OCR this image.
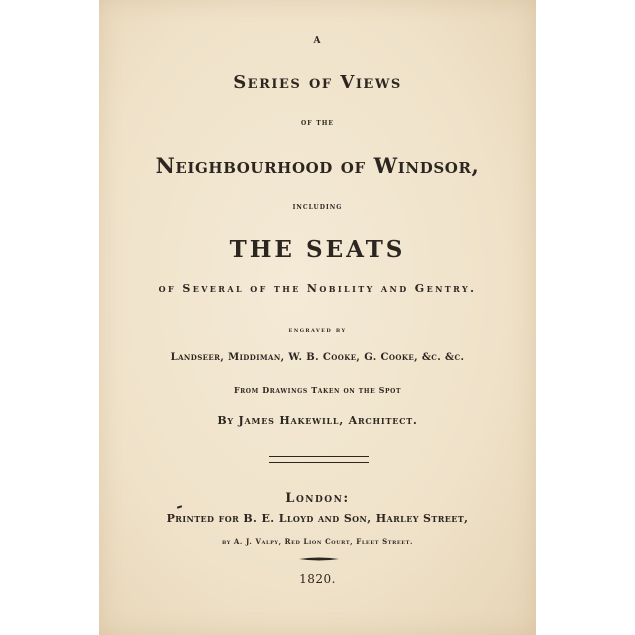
A
Series of Views
of the
Neighbourhood of Windsor,
including
THE SEATS
of Several of the Nobility and Gentry.
engraved by
Landseer, Middiman, W. B. Cooke, G. Cooke, &c. &c.
From Drawings Taken on the Spot
By James Hakewill, Architect.
London:
Printed for B. E. Lloyd and Son, Harley Street,
by A. J. Valpy, Red Lion Court, Fleet Street.
1820.
